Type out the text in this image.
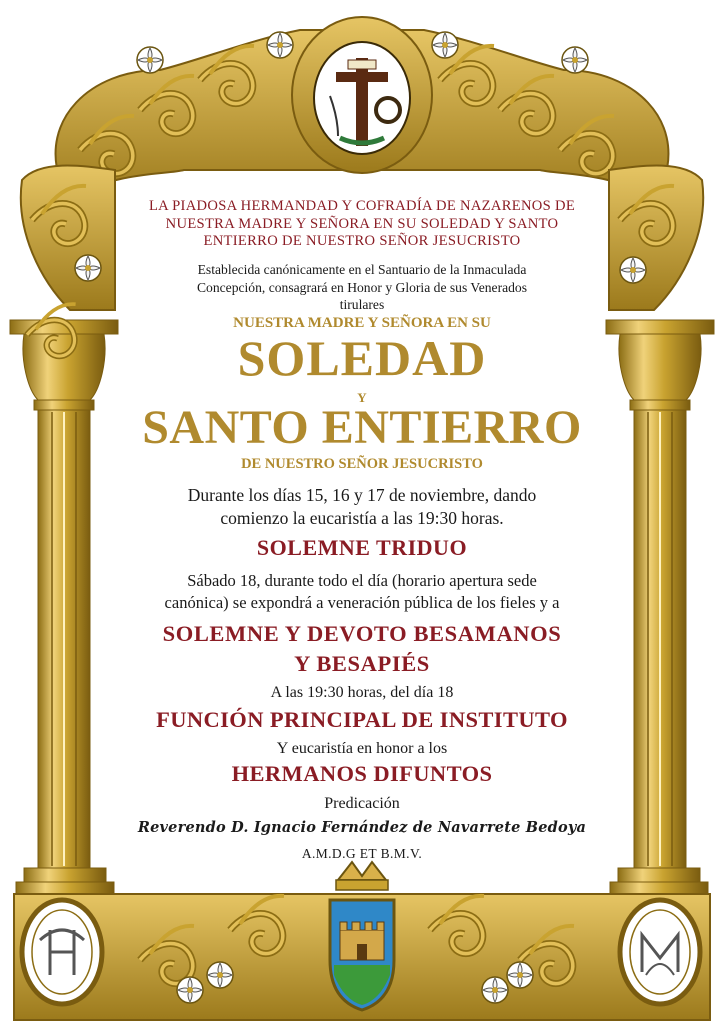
LA PIADOSA HERMANDAD Y COFRADÍA DE NAZARENOS DE
NUESTRA MADRE Y SEÑORA EN SU SOLEDAD Y SANTO
ENTIERRO DE NUESTRO SEÑOR JESUCRISTO
Establecida canónicamente en el Santuario de la Inmaculada
Concepción, consagrará en Honor y Gloria de sus Venerados
tirulares
NUESTRA MADRE Y SEÑORA EN SU
SOLEDAD
Y
SANTO ENTIERRO
DE NUESTRO SEÑOR JESUCRISTO
Durante los días 15, 16 y 17 de noviembre, dando
comienzo la eucaristía a las 19:30 horas.
SOLEMNE TRIDUO
Sábado 18, durante todo el día (horario apertura sede
canónica) se expondrá a veneración pública de los fieles y a
SOLEMNE Y DEVOTO BESAMANOS
Y BESAPIÉS
A las 19:30 horas, del día 18
FUNCIÓN PRINCIPAL DE INSTITUTO
Y eucaristía en honor a los
HERMANOS DIFUNTOS
Predicación
Reverendo D. Ignacio Fernández de Navarrete Bedoya
A.M.D.G ET B.M.V.
